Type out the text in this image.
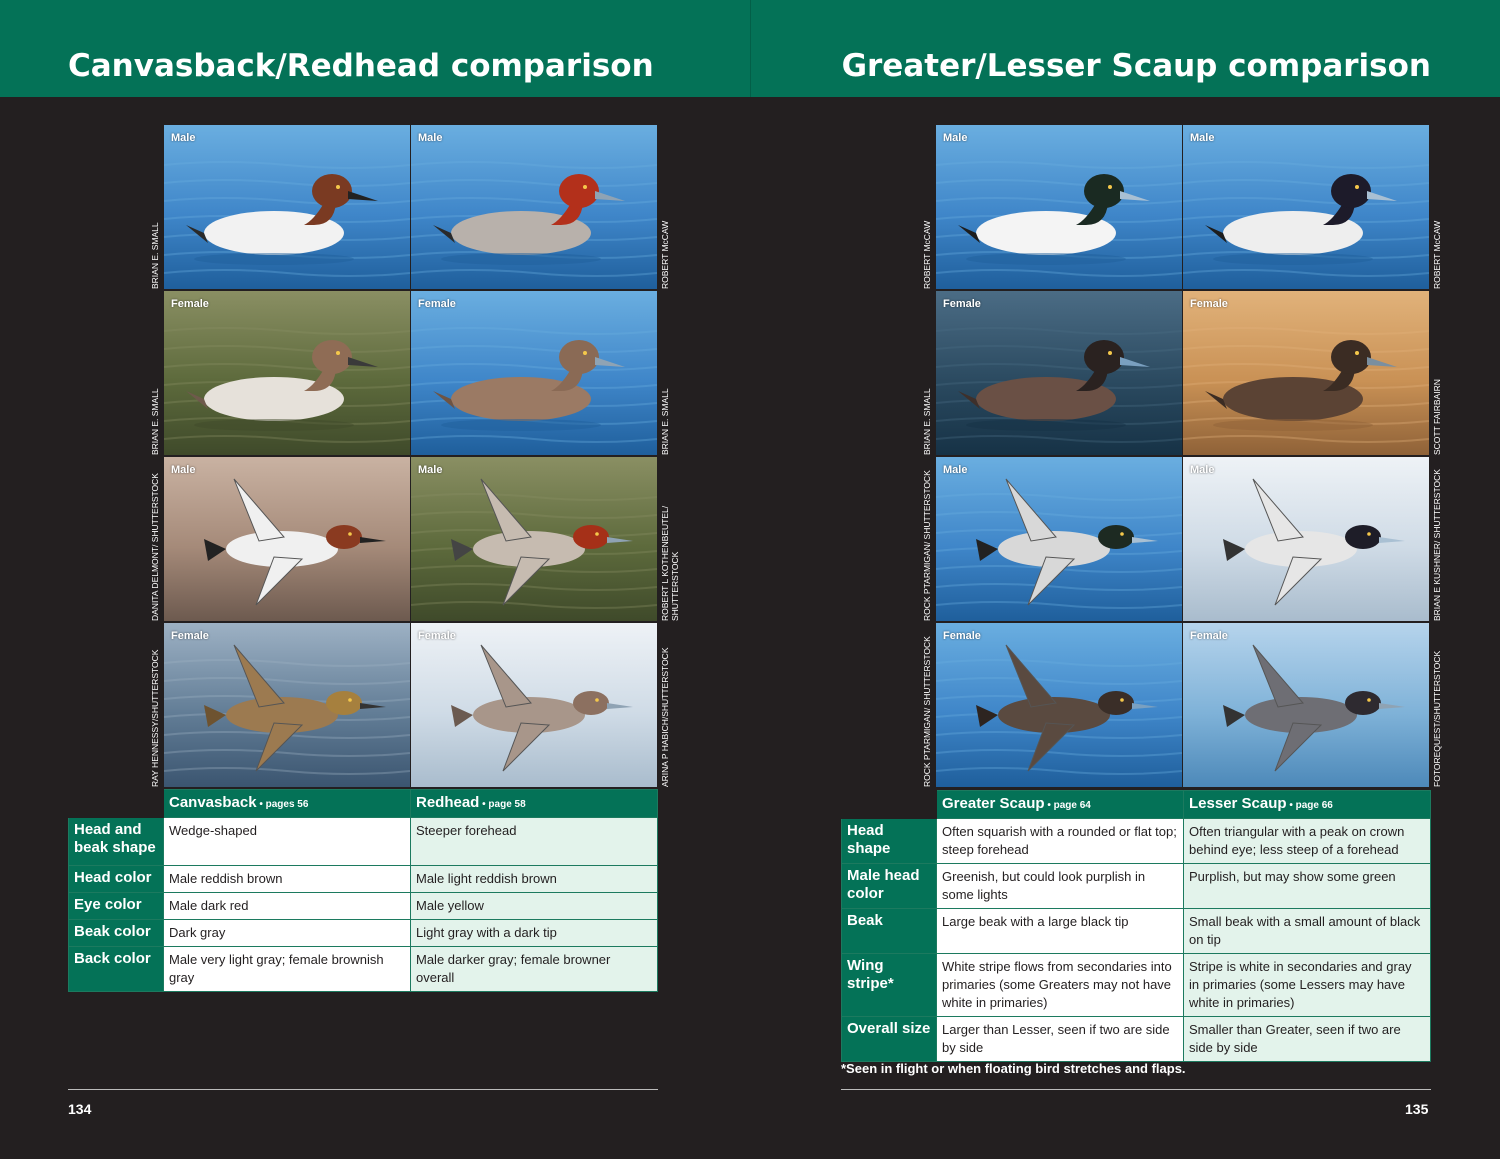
Canvasback/Redhead comparison
Male
BRIAN E. SMALL
Male
ROBERT McCAW
Female
BRIAN E. SMALL
Female
BRIAN E. SMALL
Male
DANITA DELMONT/ SHUTTERSTOCK
Male
ROBERT L KOTHENBEUTEL/ SHUTTERSTOCK
Female
RAY HENNESSY/SHUTTERSTOCK
Female
ARINA P HABICH/SHUTTERSTOCK
	Canvasback • pages 56	Redhead • page 58
Head and beak shape	Wedge-shaped	Steeper forehead
Head color	Male reddish brown	Male light reddish brown
Eye color	Male dark red	Male yellow
Beak color	Dark gray	Light gray with a dark tip
Back color	Male very light gray; female brownish gray	Male darker gray; female browner overall
134
Greater/Lesser Scaup comparison
Male
ROBERT McCAW
Male
ROBERT McCAW
Female
BRIAN E. SMALL
Female
SCOTT FAIRBAIRN
Male
ROCK PTARMIGAN/ SHUTTERSTOCK
Male	BRIAN E KUSHNER/ SHUTTERSTOCK
Female
ROCK PTARMIGAN/ SHUTTERSTOCK
Female
FOTOREQUEST/SHUTTERSTOCK
	Greater Scaup • page 64	Lesser Scaup • page 66
Head shape	Often squarish with a rounded or flat top; steep forehead	Often triangular with a peak on crown behind eye; less steep of a forehead
Male head color	Greenish, but could look purplish in some lights	Purplish, but may show some green
Beak	Large beak with a large black tip	Small beak with a small amount of black on tip
Wing stripe*	White stripe flows from secondaries into primaries (some Greaters may not have white in primaries)	Stripe is white in secondaries and gray in primaries (some Lessers may have white in primaries)
Overall size	Larger than Lesser, seen if two are side by side	Smaller than Greater, seen if two are side by side
135
*Seen in flight or when floating bird stretches and flaps.
